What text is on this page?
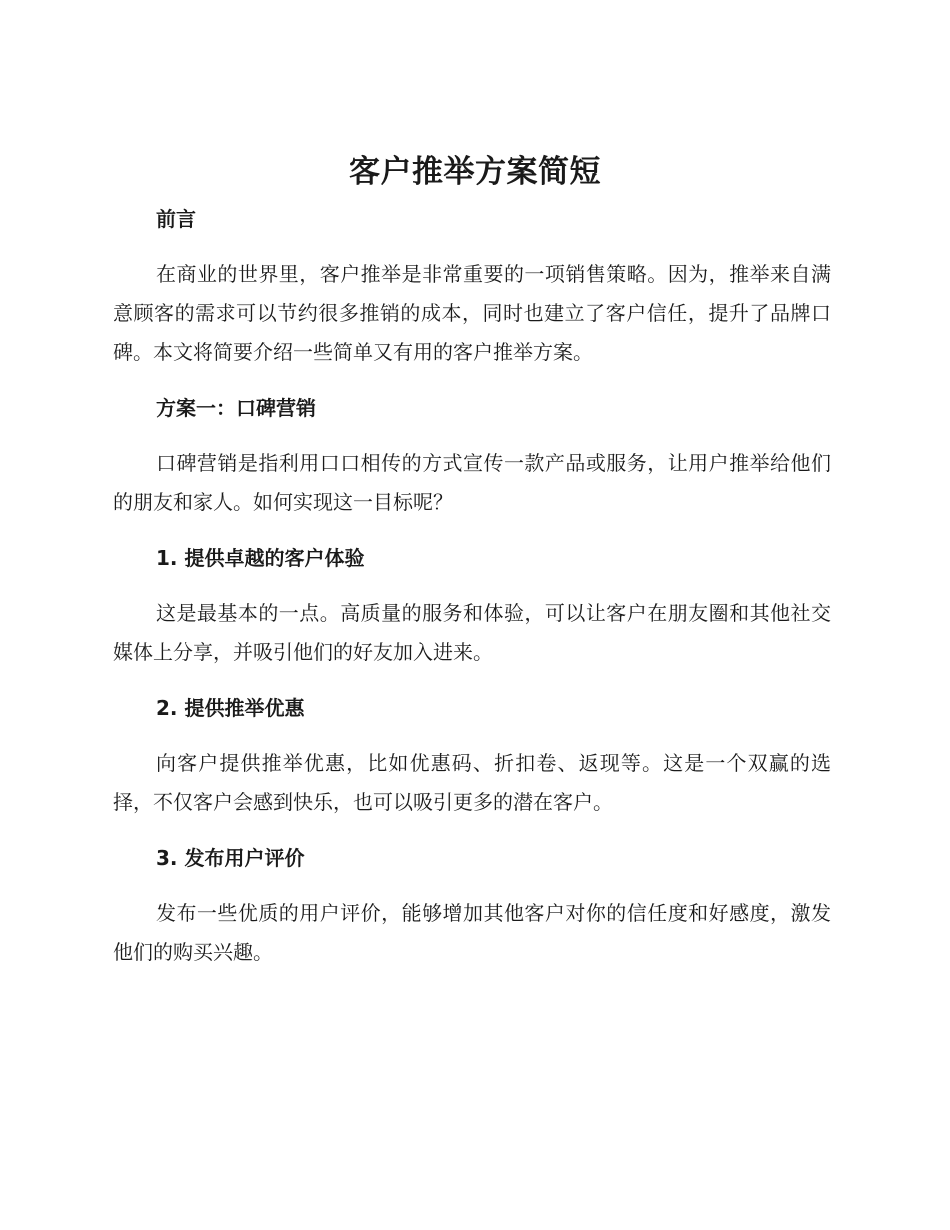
客户推举方案简短
前言

在商业的世界里，客户推举是非常重要的一项销售策略。因为，推举来自满意顾客的需求可以节约很多推销的成本，同时也建立了客户信任，提升了品牌口碑。本文将简要介绍一些简单又有用的客户推举方案。

方案一：口碑营销

口碑营销是指利用口口相传的方式宣传一款产品或服务，让用户推举给他们的朋友和家人。如何实现这一目标呢？

1. 提供卓越的客户体验

这是最基本的一点。高质量的服务和体验，可以让客户在朋友圈和其他社交媒体上分享，并吸引他们的好友加入进来。

2. 提供推举优惠

向客户提供推举优惠，比如优惠码、折扣卷、返现等。这是一个双赢的选择，不仅客户会感到快乐，也可以吸引更多的潜在客户。

3. 发布用户评价

发布一些优质的用户评价，能够增加其他客户对你的信任度和好感度，激发他们的购买兴趣。
